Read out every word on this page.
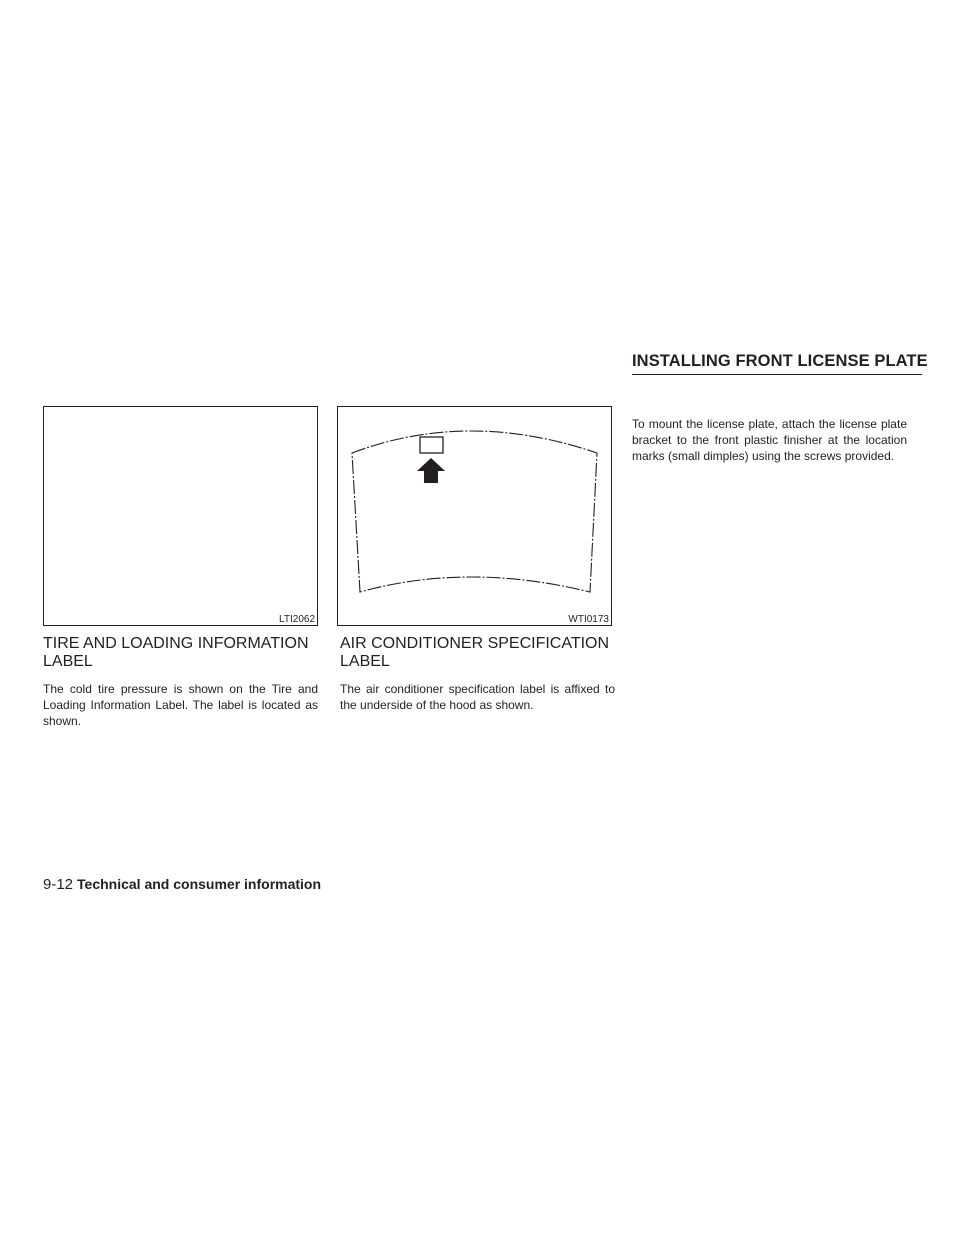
INSTALLING FRONT LICENSE PLATE
LTI2062	WTI0173
TIRE AND LOADING INFORMATION LABEL

The cold tire pressure is shown on the Tire and Loading Information Label. The label is located as shown.

AIR CONDITIONER SPECIFICATION LABEL

The air conditioner specification label is affixed to the underside of the hood as shown.

To mount the license plate, attach the license plate bracket to the front plastic finisher at the location marks (small dimples) using the screws provided.

9-12 Technical and consumer information
